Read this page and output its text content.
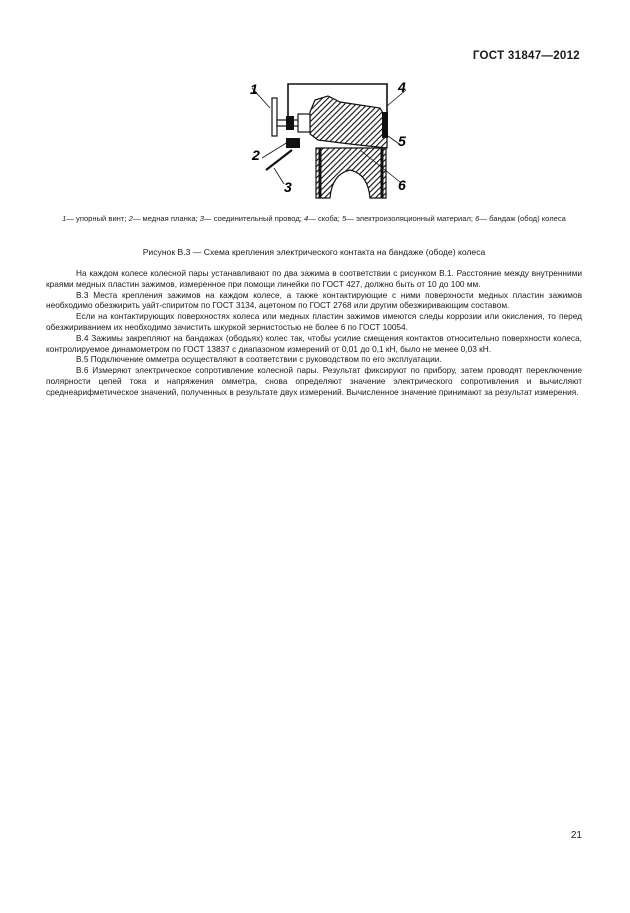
ГОСТ 31847—2012
1
2
3
4
5
6
1— упорный винт; 2— медная планка; 3— соединительный провод; 4— скоба; 5— электроизоляционный материал; 6— бандаж (обод) колеса
Рисунок В.3 — Схема крепления электрического контакта на бандаже (ободе) колеса

На каждом колесе колесной пары устанавливают по два зажима в соответствии с рисунком В.1. Расстояние между внутренними краями медных пластин зажимов, измеренное при помощи линейки по ГОСТ 427, должно быть от 10 до 100 мм.

В.3 Места крепления зажимов на каждом колесе, а также контактирующие с ними поверхности медных пластин зажимов необходимо обезжирить уайт-спиритом по ГОСТ 3134, ацетоном по ГОСТ 2768 или другим обезжиривающим составом.

Если на контактирующих поверхностях колеса или медных пластин зажимов имеются следы коррозии или окисления, то перед обезжириванием их необходимо зачистить шкуркой зернистостью не более 6 по ГОСТ 10054.

В.4 Зажимы закрепляют на бандажах (ободьях) колес так, чтобы усилие смещения контактов относительно поверхности колеса, контролируемое динамометром по ГОСТ 13837 с диапазоном измерений от 0,01 до 0,1 кН, было не менее 0,03 кН.

В.5 Подключение омметра осуществляют в соответствии с руководством по его эксплуатации.

В.6 Измеряют электрическое сопротивление колесной пары. Результат фиксируют по прибору, затем проводят переключение полярности цепей тока и напряжения омметра, снова определяют значение электрического сопротивления и вычисляют среднеарифметическое значений, полученных в результате двух измерений. Вычисленное значение принимают за результат измерения.

21
